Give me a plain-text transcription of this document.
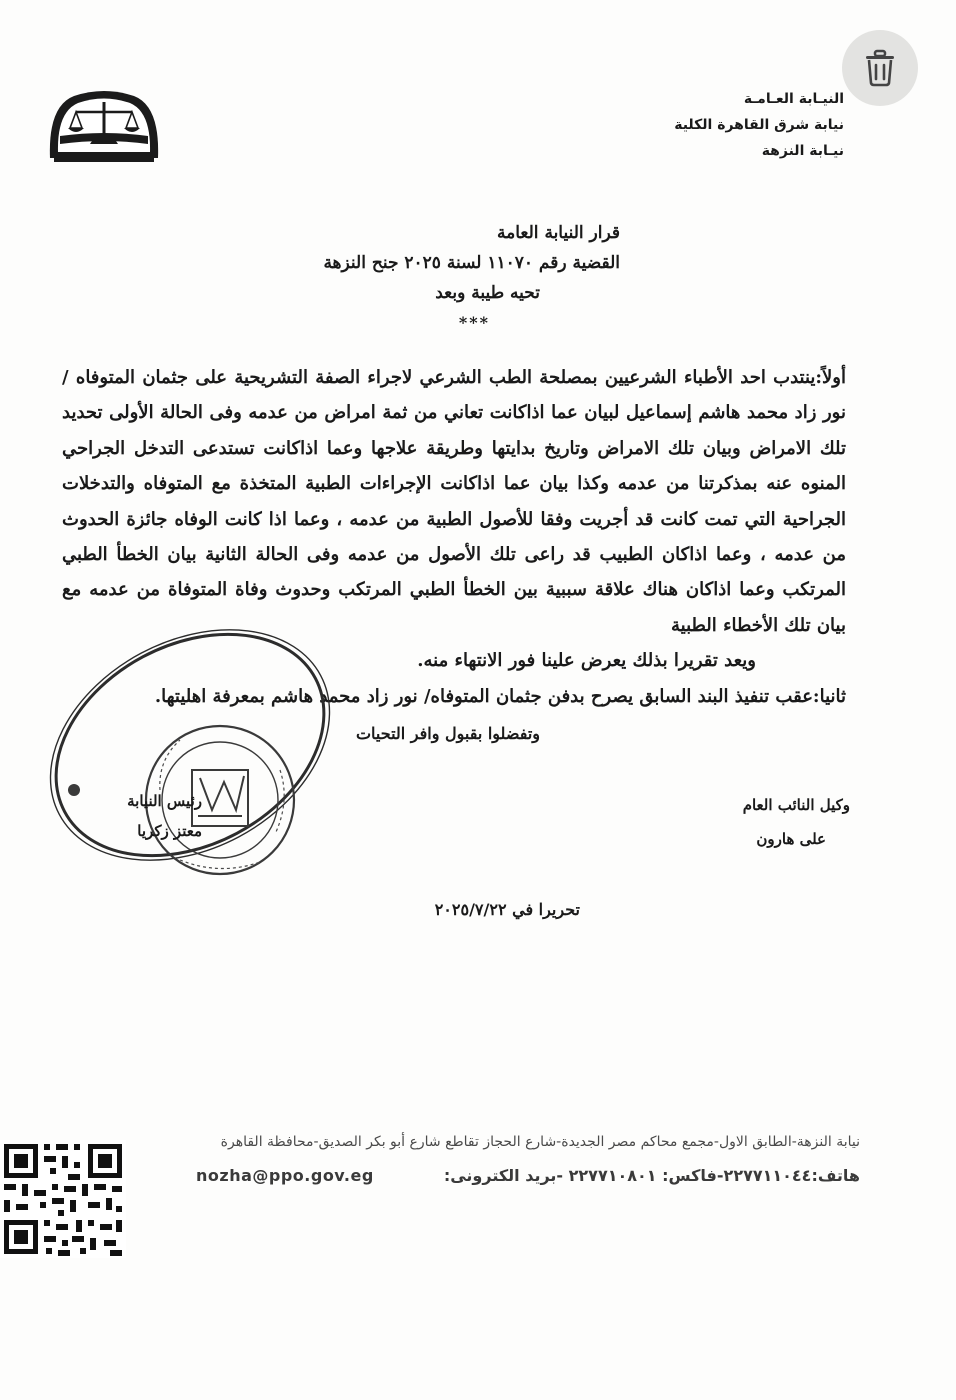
النيـابة العـامـة
نيابة شرق القاهرة الكلية
نيـابة النزهة
قرار النيابة العامة
القضية رقم ١١٠٧٠ لسنة ٢٠٢٥ جنح النزهة
تحيه طيبة وبعد
***

أولاً:ينتدب احد الأطباء الشرعيين بمصلحة الطب الشرعي لاجراء الصفة التشريحية على جثمان المتوفاه / نور زاد محمد هاشم إسماعيل لبيان عما اذاكانت تعاني من ثمة امراض من عدمه وفى الحالة الأولى تحديد تلك الامراض وبيان تلك الامراض وتاريخ بدايتها وطريقة علاجها وعما اذاكانت تستدعى التدخل الجراحي المنوه عنه بمذكرتنا من عدمه وكذا بيان عما اذاكانت الإجراءات الطبية المتخذة مع المتوفاه والتدخلات الجراحية التي تمت كانت قد أجريت وفقا للأصول الطبية من عدمه ، وعما اذا كانت الوفاه جائزة الحدوث من عدمه ، وعما اذاكان الطبيب قد راعى تلك الأصول من عدمه وفى الحالة الثانية بيان الخطأ الطبي المرتكب وعما اذاكان هناك علاقة سببية بين الخطأ الطبي المرتكب وحدوث وفاة المتوفاة من عدمه مع بيان تلك الأخطاء الطبية

ويعد تقريرا بذلك يعرض علينا فور الانتهاء منه.

ثانيا:عقب تنفيذ البند السابق يصرح بدفن جثمان المتوفاه/ نور زاد محمد هاشم بمعرفة اهليتها.

وتفضلوا بقبول وافر التحيات
رئيس النيابة
معتز زكريا
وكيل النائب العام
على هارون
تحريرا في ٢٠٢٥/٧/٢٢
نيابة النزهة-الطابق الاول-مجمع محاكم مصر الجديدة-شارع الحجاز تقاطع شارع أبو بكر الصديق-محافظة القاهرة
nozha@ppo.gov.eg	هاتف:٢٢٧٧١١٠٤٤-فاكس: ٢٢٧٧١٠٨٠١ -بريد الكترونى:
